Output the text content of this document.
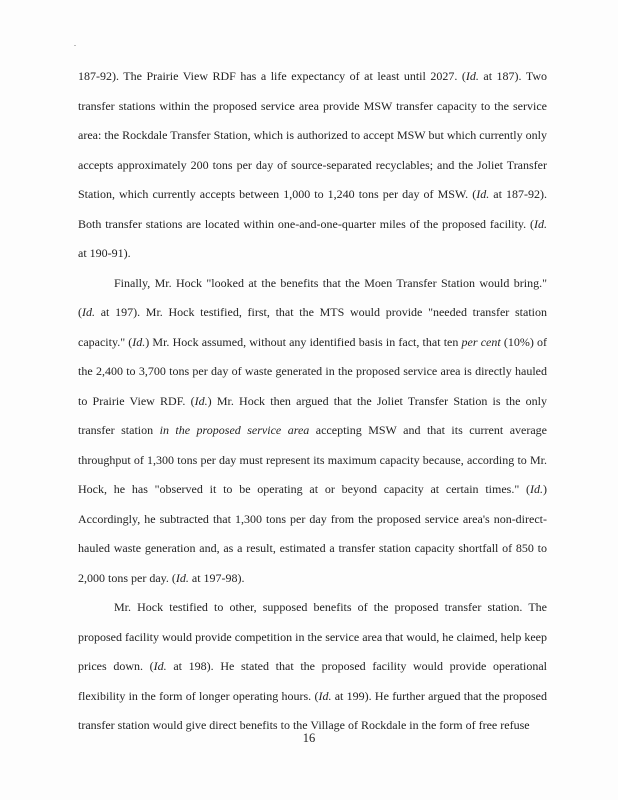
187-92). The Prairie View RDF has a life expectancy of at least until 2027. (Id. at 187). Two transfer stations within the proposed service area provide MSW transfer capacity to the service area: the Rockdale Transfer Station, which is authorized to accept MSW but which currently only accepts approximately 200 tons per day of source-separated recyclables; and the Joliet Transfer Station, which currently accepts between 1,000 to 1,240 tons per day of MSW. (Id. at 187-92). Both transfer stations are located within one-and-one-quarter miles of the proposed facility. (Id. at 190-91).

Finally, Mr. Hock "looked at the benefits that the Moen Transfer Station would bring." (Id. at 197). Mr. Hock testified, first, that the MTS would provide "needed transfer station capacity." (Id.) Mr. Hock assumed, without any identified basis in fact, that ten per cent (10%) of the 2,400 to 3,700 tons per day of waste generated in the proposed service area is directly hauled to Prairie View RDF. (Id.) Mr. Hock then argued that the Joliet Transfer Station is the only transfer station in the proposed service area accepting MSW and that its current average throughput of 1,300 tons per day must represent its maximum capacity because, according to Mr. Hock, he has "observed it to be operating at or beyond capacity at certain times." (Id.) Accordingly, he subtracted that 1,300 tons per day from the proposed service area's non-direct-hauled waste generation and, as a result, estimated a transfer station capacity shortfall of 850 to 2,000 tons per day. (Id. at 197-98).

Mr. Hock testified to other, supposed benefits of the proposed transfer station. The proposed facility would provide competition in the service area that would, he claimed, help keep prices down. (Id. at 198). He stated that the proposed facility would provide operational flexibility in the form of longer operating hours. (Id. at 199). He further argued that the proposed transfer station would give direct benefits to the Village of Rockdale in the form of free refuse

16
